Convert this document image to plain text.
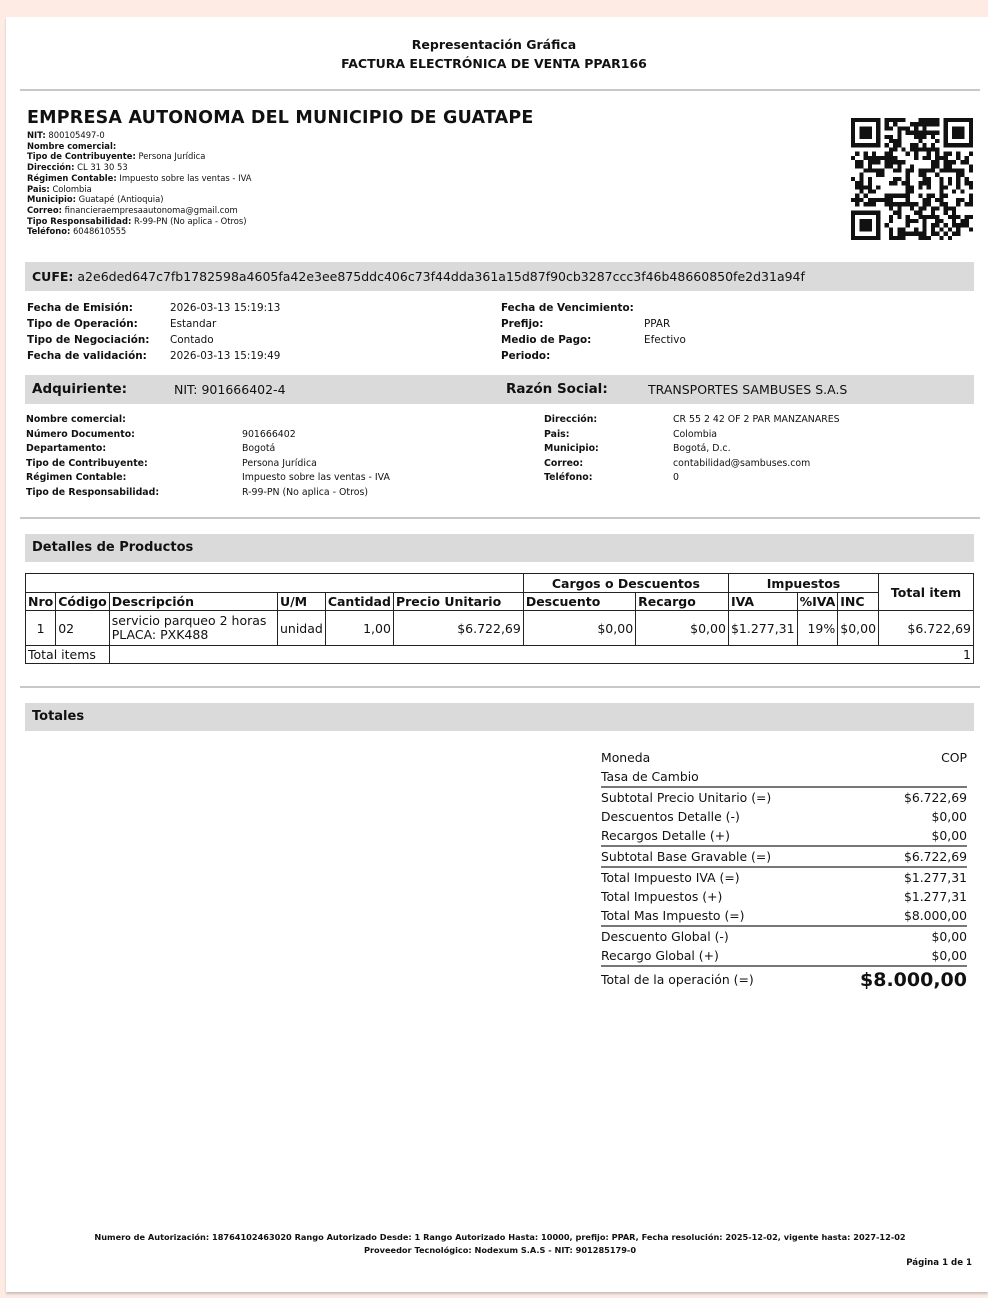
Representación Gráfica
FACTURA ELECTRÓNICA DE VENTA PPAR166
EMPRESA AUTONOMA DEL MUNICIPIO DE GUATAPE
NIT: 800105497-0
Nombre comercial:
Tipo de Contribuyente: Persona Jurídica
Dirección: CL 31 30 53
Régimen Contable: Impuesto sobre las ventas - IVA
Pais: Colombia
Municipio: Guatapé (Antioquia)
Correo: financieraempresaautonoma@gmail.com
Tipo Responsabilidad: R-99-PN (No aplica - Otros)
Teléfono: 6048610555
CUFE: a2e6ded647c7fb1782598a4605fa42e3ee875ddc406c73f44dda361a15d87f90cb3287ccc3f46b48660850fe2d31a94f
Fecha de Emisión:	2026-03-13 15:19:13
Tipo de Operación:	Estandar
Tipo de Negociación:	Contado
Fecha de validación:	2026-03-13 15:19:49
Fecha de Vencimiento:
Prefijo:	PPAR
Medio de Pago:	Efectivo
Periodo:
Adquiriente:	NIT: 901666402-4	Razón Social:	TRANSPORTES SAMBUSES S.A.S
Nombre comercial:
Número Documento:	901666402
Departamento:	Bogotá
Tipo de Contribuyente:	Persona Jurídica
Régimen Contable:	Impuesto sobre las ventas - IVA
Tipo de Responsabilidad:	R-99-PN (No aplica - Otros)
Dirección:	CR 55 2 42 OF 2 PAR MANZANARES
Pais:	Colombia
Municipio:	Bogotá, D.c.
Correo:	contabilidad@sambuses.com
Teléfono:	0
Detalles de Productos
						Cargos o Descuentos		Impuestos			Total item
Nro	Código	Descripción	U/M	Cantidad	Precio Unitario	Descuento	Recargo	IVA	%IVA	INC	
1	02	servicio parqueo 2 horas
PLACA: PXK488	unidad	1,00	$6.722,69	$0,00	$0,00	$1.277,31	19%	$0,00	$6.722,69
Total items		1									
Totales
Moneda	COP
Tasa de Cambio
Subtotal Precio Unitario (=)	$6.722,69
Descuentos Detalle (-)	$0,00
Recargos Detalle (+)	$0,00
Subtotal Base Gravable (=)	$6.722,69
Total Impuesto IVA (=)	$1.277,31
Total Impuestos (+)	$1.277,31
Total Mas Impuesto (=)	$8.000,00
Descuento Global (-)	$0,00
Recargo Global (+)	$0,00
Total de la operación (=)	$8.000,00
Numero de Autorización: 18764102463020 Rango Autorizado Desde: 1 Rango Autorizado Hasta: 10000, prefijo: PPAR, Fecha resolución: 2025-12-02, vigente hasta: 2027-12-02
Proveedor Tecnológico: Nodexum S.A.S - NIT: 901285179-0
Página 1 de 1
